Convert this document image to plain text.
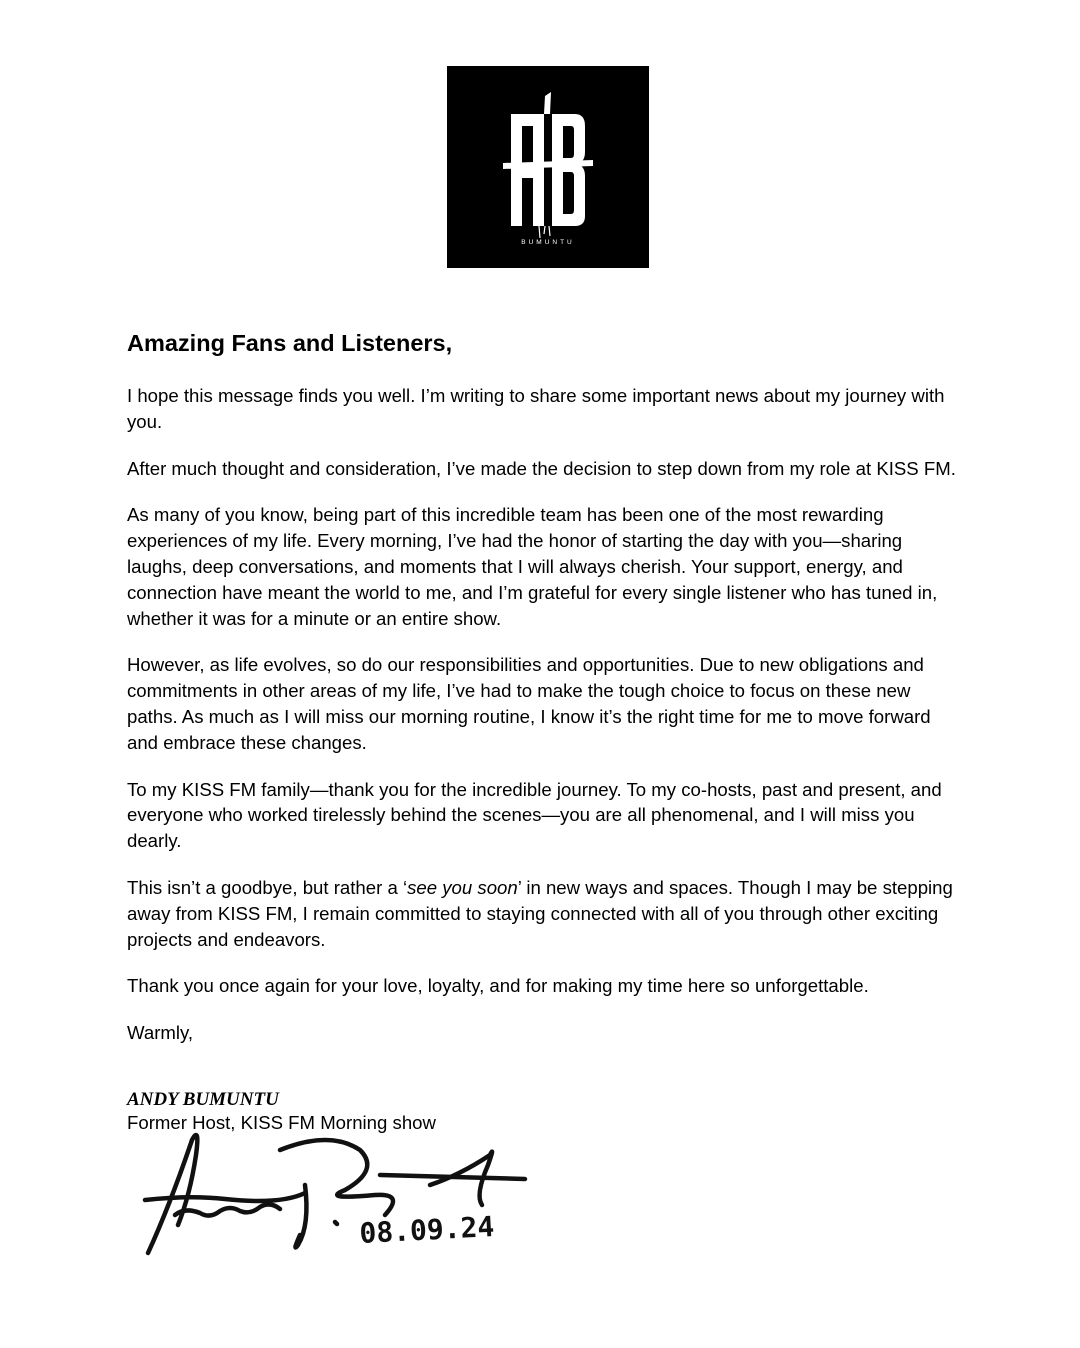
BUMUNTU
Amazing Fans and Listeners,

I hope this message finds you well. I’m writing to share some important news about my journey with you.

After much thought and consideration, I’ve made the decision to step down from my role at KISS FM.

As many of you know, being part of this incredible team has been one of the most rewarding experiences of my life. Every morning, I’ve had the honor of starting the day with you—sharing laughs, deep conversations, and moments that I will always cherish. Your support, energy, and connection have meant the world to me, and I’m grateful for every single listener who has tuned in, whether it was for a minute or an entire show.

However, as life evolves, so do our responsibilities and opportunities. Due to new obligations and commitments in other areas of my life, I’ve had to make the tough choice to focus on these new paths. As much as I will miss our morning routine, I know it’s the right time for me to move forward and embrace these changes.

To my KISS FM family—thank you for the incredible journey. To my co-hosts, past and present, and everyone who worked tirelessly behind the scenes—you are all phenomenal, and I will miss you dearly.

This isn’t a goodbye, but rather a ‘see you soon’ in new ways and spaces. Though I may be stepping away from KISS FM, I remain committed to staying connected with all of you through other exciting projects and endeavors.

Thank you once again for your love, loyalty, and for making my time here so unforgettable.

Warmly,

ANDY BUMUNTU
Former Host, KISS FM Morning show
08.09.24
